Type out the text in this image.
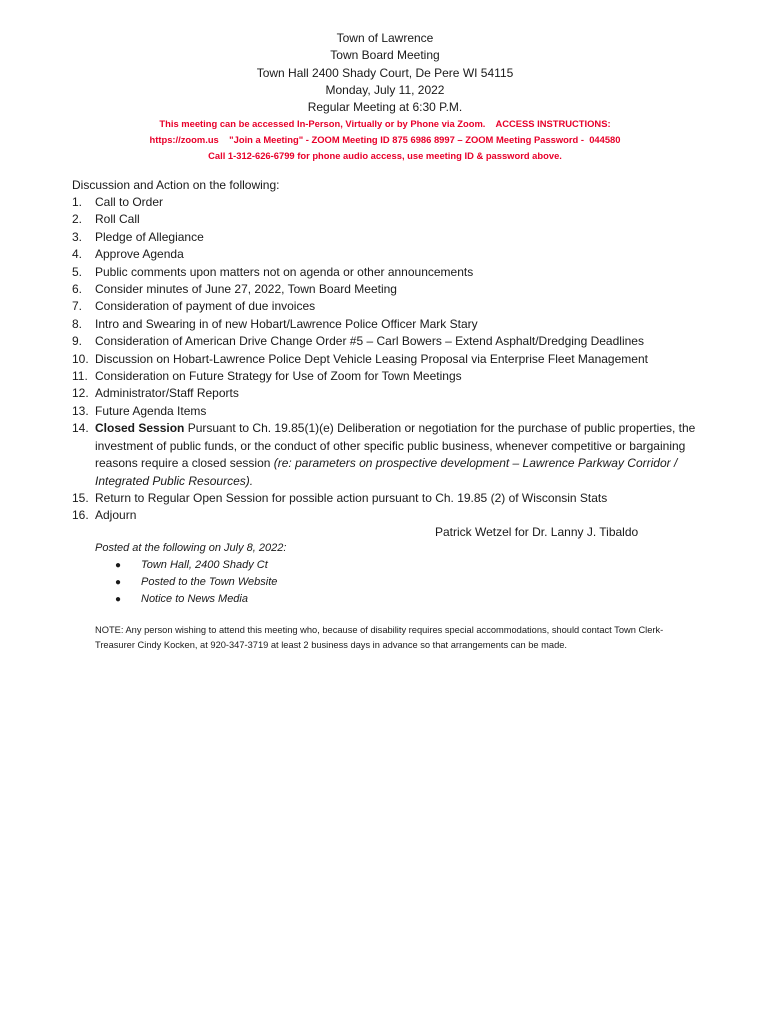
Town of Lawrence
Town Board Meeting
Town Hall 2400 Shady Court, De Pere WI 54115
Monday, July 11, 2022
Regular Meeting at 6:30 P.M.
This meeting can be accessed In-Person, Virtually or by Phone via Zoom.    ACCESS INSTRUCTIONS:
https://zoom.us    "Join a Meeting" - ZOOM Meeting ID 875 6986 8997 – ZOOM Meeting Password -  044580
Call 1-312-626-6799 for phone audio access, use meeting ID & password above.
Discussion and Action on the following:
1. Call to Order
2. Roll Call
3. Pledge of Allegiance
4. Approve Agenda
5. Public comments upon matters not on agenda or other announcements
6. Consider minutes of June 27, 2022, Town Board Meeting
7. Consideration of payment of due invoices
8. Intro and Swearing in of new Hobart/Lawrence Police Officer Mark Stary
9. Consideration of American Drive Change Order #5 – Carl Bowers – Extend Asphalt/Dredging Deadlines
10. Discussion on Hobart-Lawrence Police Dept Vehicle Leasing Proposal via Enterprise Fleet Management
11. Consideration on Future Strategy for Use of Zoom for Town Meetings
12. Administrator/Staff Reports
13. Future Agenda Items
14. Closed Session Pursuant to Ch. 19.85(1)(e) Deliberation or negotiation for the purchase of public properties, the investment of public funds, or the conduct of other specific public business, whenever competitive or bargaining reasons require a closed session (re: parameters on prospective development – Lawrence Parkway Corridor / Integrated Public Resources).
15. Return to Regular Open Session for possible action pursuant to Ch. 19.85 (2) of Wisconsin Stats
16. Adjourn
Patrick Wetzel for Dr. Lanny J. Tibaldo
Posted at the following on July 8, 2022:
● Town Hall, 2400 Shady Ct
● Posted to the Town Website
● Notice to News Media
NOTE: Any person wishing to attend this meeting who, because of disability requires special accommodations, should contact Town Clerk-Treasurer Cindy Kocken, at 920-347-3719 at least 2 business days in advance so that arrangements can be made.
